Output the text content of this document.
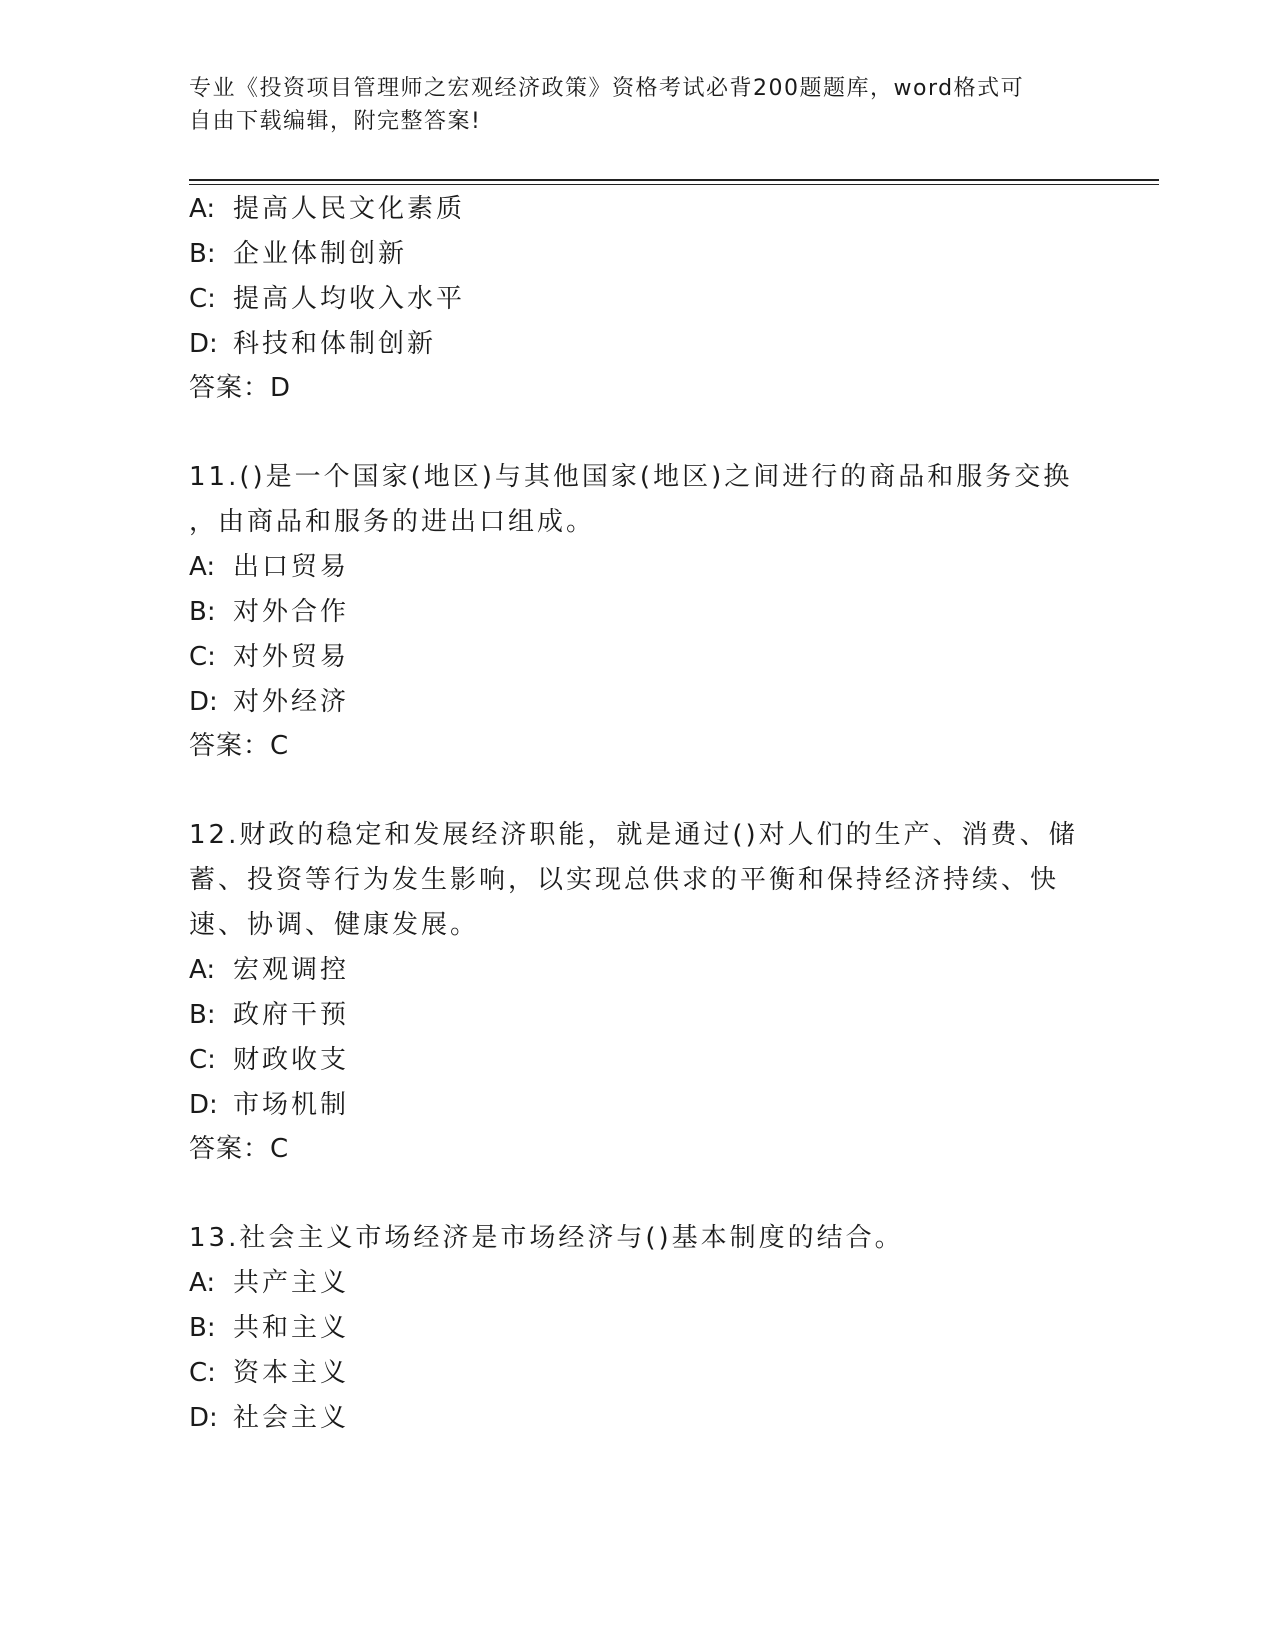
专业《投资项目管理师之宏观经济政策》资格考试必背200题题库，word格式可
自由下载编辑，附完整答案!
A: 提高人民文化素质
B: 企业体制创新
C: 提高人均收入水平
D: 科技和体制创新
答案：D
11.()是一个国家(地区)与其他国家(地区)之间进行的商品和服务交换
，由商品和服务的进出口组成。
A: 出口贸易
B: 对外合作
C: 对外贸易
D: 对外经济
答案：C
12.财政的稳定和发展经济职能，就是通过()对人们的生产、消费、储
蓄、投资等行为发生影响，以实现总供求的平衡和保持经济持续、快
速、协调、健康发展。
A: 宏观调控
B: 政府干预
C: 财政收支
D: 市场机制
答案：C
13.社会主义市场经济是市场经济与()基本制度的结合。
A: 共产主义
B: 共和主义
C: 资本主义
D: 社会主义
